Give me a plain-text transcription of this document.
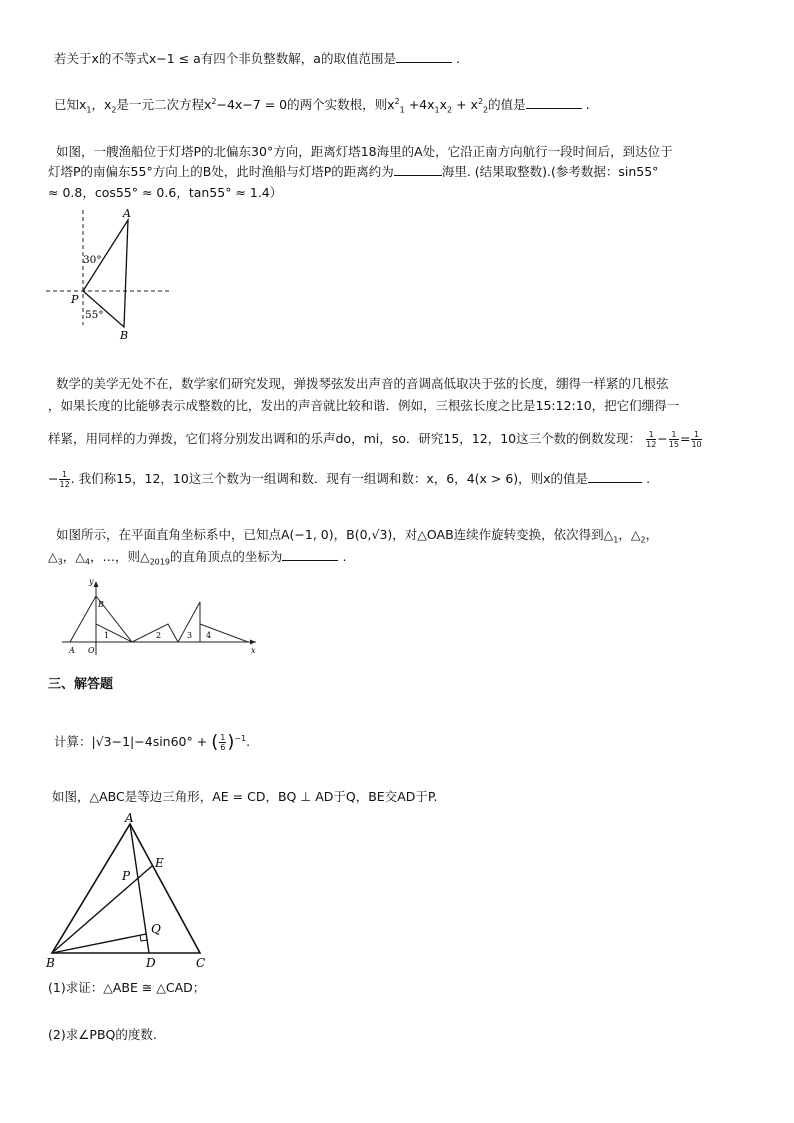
若关于x的不等式x−1 ≤ a有四个非负整数解，a的取值范围是	.
已知$x_1$，$x_2$是一元二次方程$x^2-4x-7 = 0$的两个实数根，则$x^2_1 +4x_1x_2 + x^2_2$的值是	.
如图，一艘渔船位于灯塔P的北偏东30°方向，距离灯塔18海里的A处，它沿正南方向航行一段时间后，到达位于
灯塔P的南偏东55°方向上的B处，此时渔船与灯塔P的距离约为	海里. (结果取整数).(参考数据：sin55°
≈ 0.8，cos55° ≈ 0.6，tan55° ≈ 1.4）
A
B
P
30°
55°
数学的美学无处不在，数学家们研究发现，弹拨琴弦发出声音的音调高低取决于弦的长度，绷得一样紧的几根弦
，如果长度的比能够表示成整数的比，发出的声音就比较和谐．例如，三根弦长度之比是15:12:10，把它们绷得一
样紧，用同样的力弹拨，它们将分别发出调和的乐声do，mi，so．研究15，12，10这三个数的倒数发现： $\frac{1}{12} - \frac{1}{15} = \frac{1}{10}$
− $\frac{1}{12}$ . 我们称15，12，10这三个数为一组调和数．现有一组调和数：x，6，4(x > 6)，则x的值是	.
如图所示，在平面直角坐标系中，已知点A(−1, 0)，B(0,√3)，对△OAB连续作旋转变换，依次得到$\triangle_1$，$\triangle_2$，
$\triangle_3$，$\triangle_4$，…，则$\triangle_{2019}$的直角顶点的坐标为	.
y
x
A O
B
1	2	3 4
三、解答题
计算：|√3−1|−4sin60° + ( $\frac{1}{6} )^{-1}$.
如图，△ABC是等边三角形，AE = CD，BQ ⊥ AD于Q，BE交AD于P.
A
B	C
D
E
P
Q
(1)求证：△ABE ≅ △CAD；
(2)求∠PBQ的度数.
